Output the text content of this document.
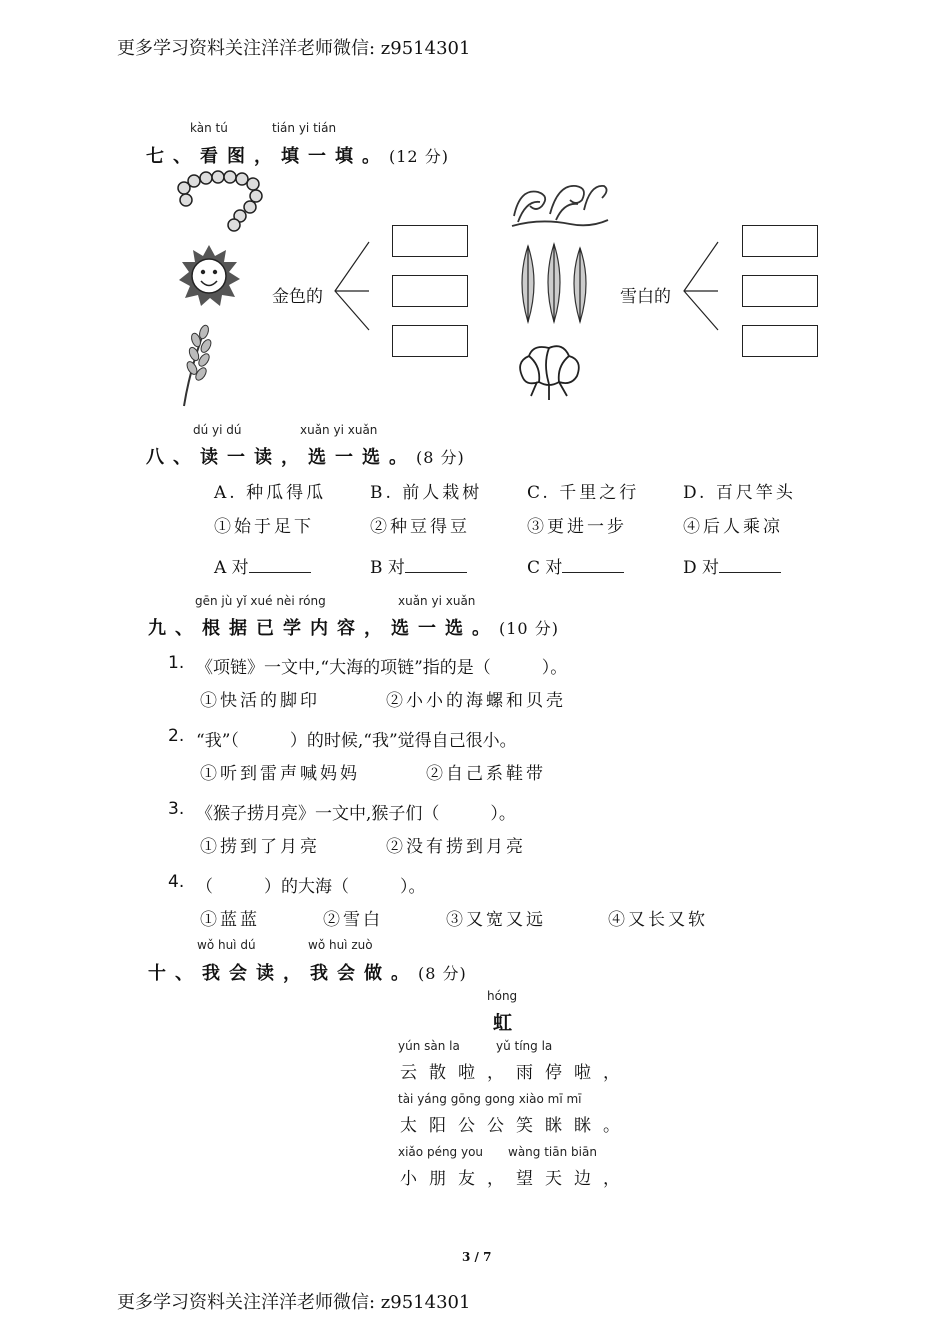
更多学习资料关注洋洋老师微信: z9514301
kàn tú	tián yi tián
七、看图，填一填。(12 分)
金色的	雪白的
dú yi dú	xuǎn yi xuǎn
八、读一读，选一选。(8 分)
A. 种瓜得瓜	B. 前人栽树	C. 千里之行	D. 百尺竿头
①始于足下	②种豆得豆	③更进一步	④后人乘凉
A 对	B 对	C 对	D 对
gēn jù yǐ xué nèi róng	xuǎn yi xuǎn
九、根据已学内容，选一选。(10 分)
1. 《项链》一文中,“大海的项链”指的是（　　　）。
①快活的脚印	②小小的海螺和贝壳
2. “我”（　　　）的时候,“我”觉得自己很小。
①听到雷声喊妈妈	②自己系鞋带
3. 《猴子捞月亮》一文中,猴子们（　　　）。
①捞到了月亮	②没有捞到月亮
4. （　　　）的大海（　　　）。
①蓝蓝	②雪白	③又宽又远	④又长又软
wǒ huì dú	wǒ huì zuò
十、我会读，我会做。(8 分)
hóng
虹
yún sàn la	yǔ tíng la
云散啦，雨停啦，
tài yáng gōng gong xiào mī mī
太阳公公笑眯眯。
xiǎo péng you wàng tiān biān
小朋友，望天边，
3 / 7
更多学习资料关注洋洋老师微信: z9514301
